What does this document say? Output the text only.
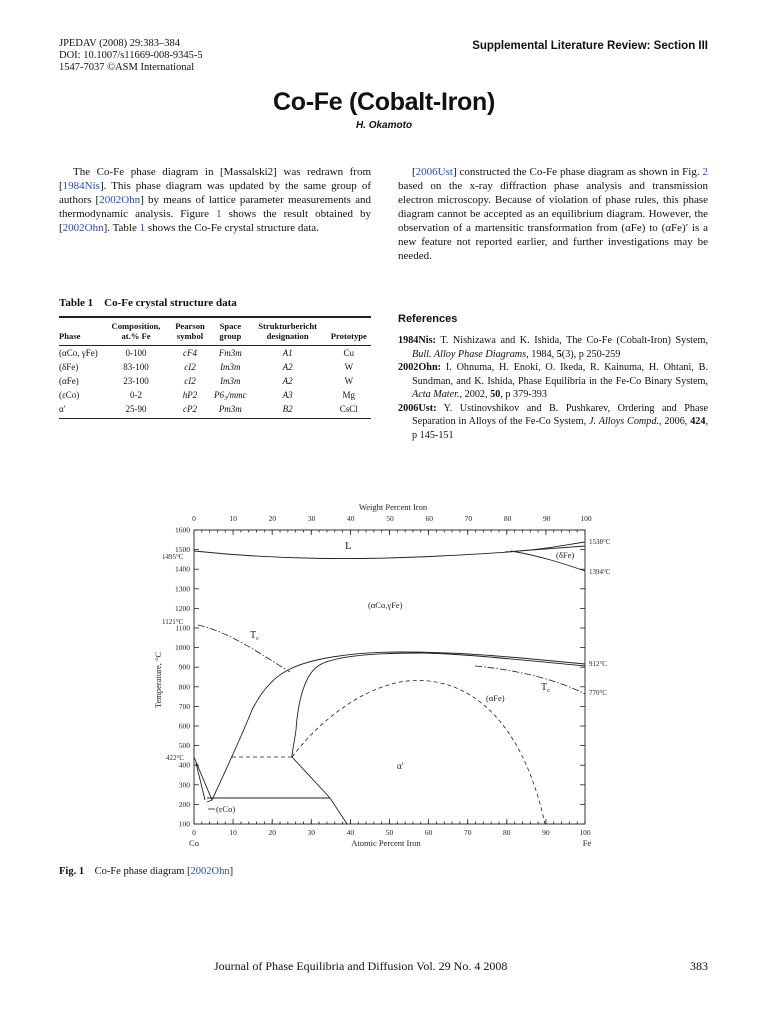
JPEDAV (2008) 29:383–384
DOI: 10.1007/s11669-008-9345-5
1547-7037 ©ASM International
Supplemental Literature Review: Section III
Co-Fe (Cobalt-Iron)
H. Okamoto

The Co-Fe phase diagram in [Massalski2] was redrawn from [1984Nis]. This phase diagram was updated by the same group of authors [2002Ohn] by means of lattice parameter measurements and thermodynamic analysis. Figure 1 shows the result obtained by [2002Ohn]. Table 1 shows the Co-Fe crystal structure data.

[2006Ust] constructed the Co-Fe phase diagram as shown in Fig. 2 based on the x-ray diffraction phase analysis and transmission electron microscopy. Because of violation of phase rules, this phase diagram cannot be accepted as an equilibrium diagram. However, the observation of a martensitic transformation from (αFe) to (αFe)′ is a new feature not reported earlier, and further investigations may be needed.

Table 1    Co-Fe crystal structure data

Phase	Composition, at.% Fe	Pearson symbol	Space group	Strukturbericht designation	Prototype
(αCo, γFe)	0-100	cF4	Fm3m	A1	Cu
(δFe)	83-100	cI2	Im3m	A2	W
(αFe)	23-100	cI2	Im3m	A2	W
(εCo)	0-2	hP2	P6₃/mmc	A3	Mg
α′	25-90	cP2	Pm3m	B2	CsCl
References

1984Nis: T. Nishizawa and K. Ishida, The Co-Fe (Cobalt-Iron) System, Bull. Alloy Phase Diagrams, 1984, 5(3), p 250-259

2002Ohn: I. Ohnuma, H. Enoki, O. Ikeda, R. Kainuma, H. Ohtani, B. Sundman, and K. Ishida, Phase Equilibria in the Fe-Co Binary System, Acta Mater., 2002, 50, p 379-393

2006Ust: Y. Ustinovshikov and B. Pushkarev, Ordering and Phase Separation in Alloys of the Fe-Co System, J. Alloys Compd., 2006, 424, p 145-151

0
0
10
10
20
20
30
30
40
40
50
50
60
60
70
70
80
80
90
90
100
100
100
200
300
400
500
600
700
800
900
1000
1100
1200
1300
1400
1500
1600
Weight Percent Iron
Atomic Percent Iron
Co	Fe
Temperature, °C
1495°C
1121°C
422°C
1538°C
1394°C
912°C
770°C
L
(δFe)
(αCo,γFe)
$T_c$
$T_c$
(αFe)
α′
(εCo)
Fig. 1    Co-Fe phase diagram [2002Ohn]
Journal of Phase Equilibria and Diffusion Vol. 29 No. 4 2008	383
